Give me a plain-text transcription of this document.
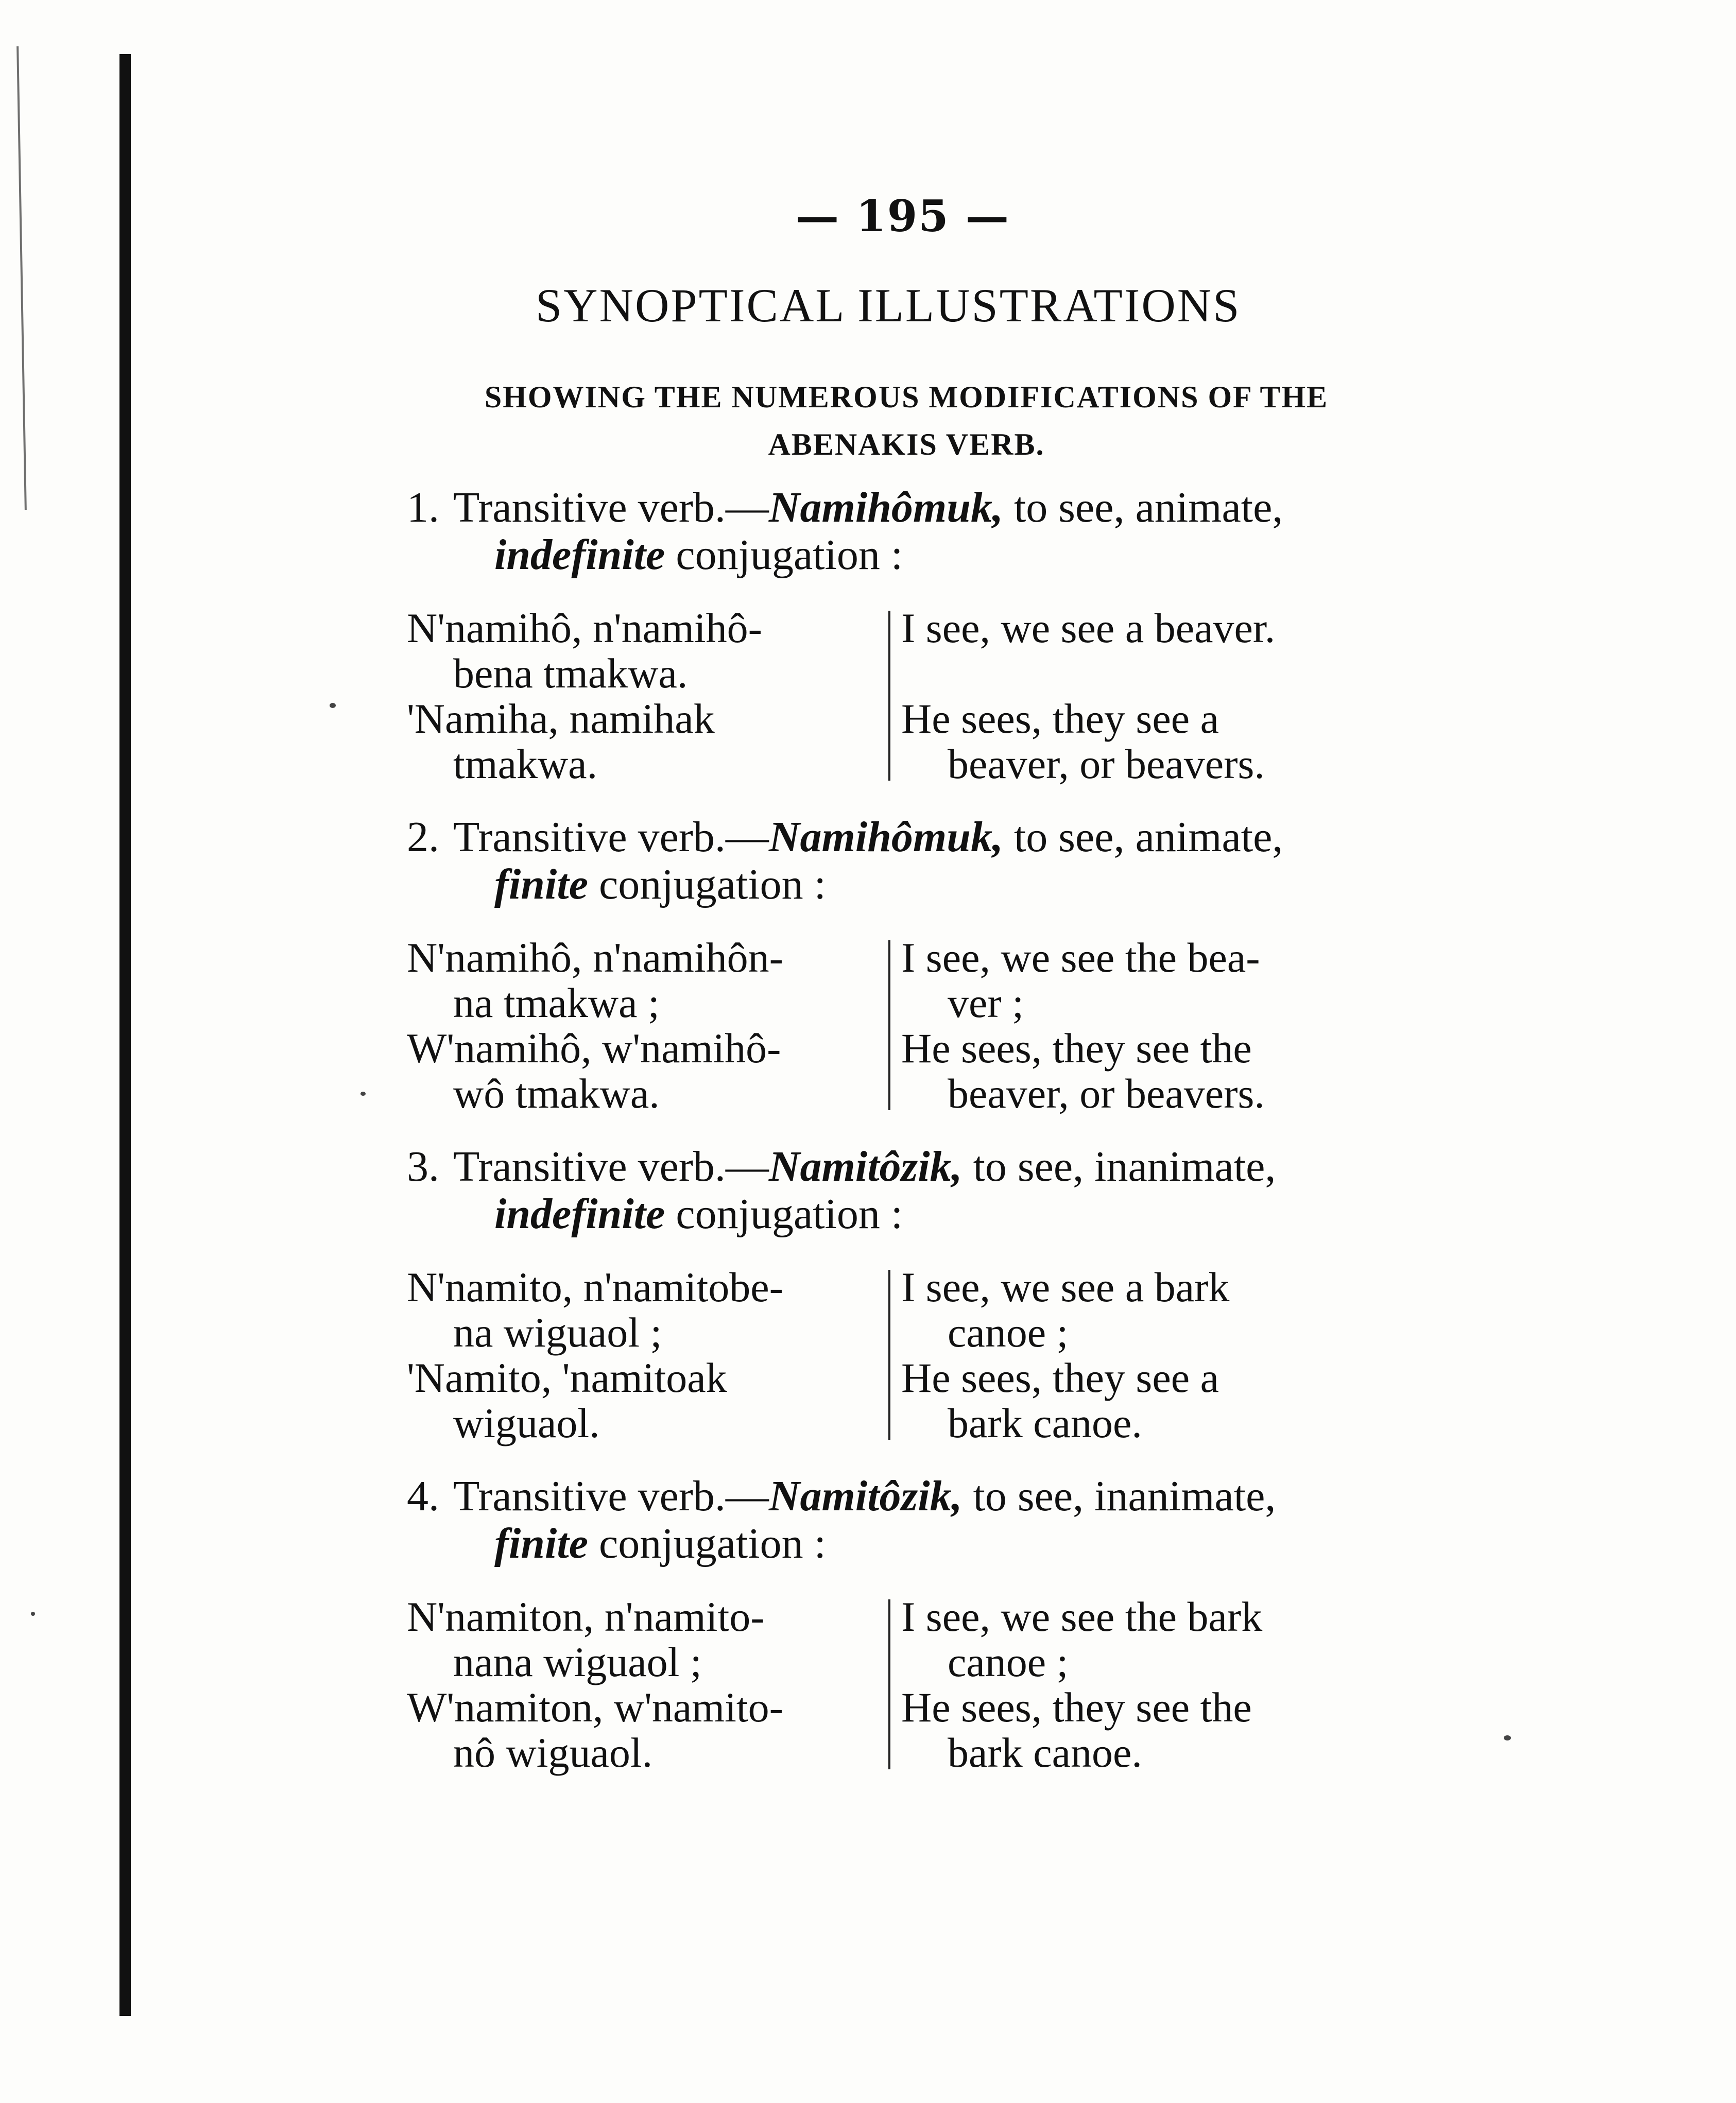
— 195 —
SYNOPTICAL ILLUSTRATIONS
SHOWING THE NUMEROUS MODIFICATIONS OF THE
ABENAKIS VERB.
1. Transitive verb.—Namihômuk, to see, animate,
indefinite conjugation :
N'namihô, n'namihô-
bena tmakwa.
I see, we see a beaver.
'Namiha, namihak
tmakwa.
He sees, they see a
beaver, or beavers.
2. Transitive verb.—Namihômuk, to see, animate,
finite conjugation :
N'namihô, n'namihôn-
na tmakwa ;
I see, we see the bea-
ver ;
W'namihô, w'namihô-
wô tmakwa.
He sees, they see the
beaver, or beavers.
3. Transitive verb.—Namitôzik, to see, inanimate,
indefinite conjugation :
N'namito, n'namitobe-
na wiguaol ;
I see, we see a bark
canoe ;
'Namito, 'namitoak
wiguaol.
He sees, they see a
bark canoe.
4. Transitive verb.—Namitôzik, to see, inanimate,
finite conjugation :
N'namiton, n'namito-
nana wiguaol ;
I see, we see the bark
canoe ;
W'namiton, w'namito-
nô wiguaol.
He sees, they see the
bark canoe.
